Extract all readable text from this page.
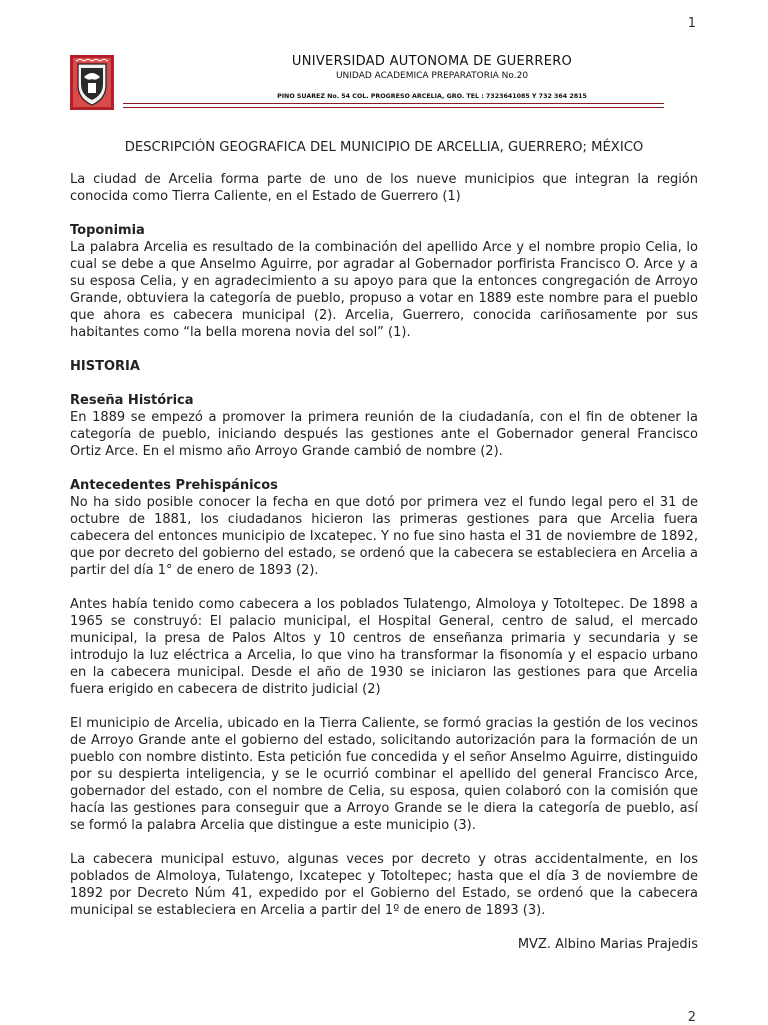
1
UNIVERSIDAD AUTONOMA DE GUERRERO
UNIDAD ACADEMICA PREPARATORIA No.20
PINO SUAREZ No. 54 COL. PROGRESO ARCELIA, GRO. TEL : 7323641085 Y 732 364 2815
DESCRIPCIÓN GEOGRAFICA DEL MUNICIPIO DE ARCELLIA, GUERRERO; MÉXICO

La ciudad de Arcelia forma parte de uno de los nueve municipios que integran la región conocida como Tierra Caliente, en el Estado de Guerrero (1)

Toponimia

La palabra Arcelia es resultado de la combinación del apellido Arce y el nombre propio Celia, lo cual se debe a que Anselmo Aguirre, por agradar al Gobernador porfirista Francisco O. Arce y a su esposa Celia, y en agradecimiento a su apoyo para que la entonces congregación de Arroyo Grande, obtuviera la categoría de pueblo, propuso a votar en 1889 este nombre para el pueblo que ahora es cabecera municipal (2). Arcelia, Guerrero, conocida cariñosamente por sus habitantes como “la bella morena novia del sol” (1).

HISTORIA
Reseña Histórica

En 1889 se empezó a promover la primera reunión de la ciudadanía, con el fin de obtener la categoría de pueblo, iniciando después las gestiones ante el Gobernador general Francisco Ortiz Arce. En el mismo año Arroyo Grande cambió de nombre (2).

Antecedentes Prehispánicos

No ha sido posible conocer la fecha en que dotó por primera vez el fundo legal pero el 31 de octubre de 1881, los ciudadanos hicieron las primeras gestiones para que Arcelia fuera cabecera del entonces municipio de Ixcatepec. Y no fue sino hasta el 31 de noviembre de 1892, que por decreto del gobierno del estado, se ordenó que la cabecera se estableciera en Arcelia a partir del día 1° de enero de 1893 (2).

Antes había tenido como cabecera a los poblados Tulatengo, Almoloya y Totoltepec. De 1898 a 1965 se construyó: El palacio municipal, el Hospital General, centro de salud, el mercado municipal, la presa de Palos Altos y 10 centros de enseñanza primaria y secundaria y se introdujo la luz eléctrica a Arcelia, lo que vino ha transformar la fisonomía y el espacio urbano en la cabecera municipal. Desde el año de 1930 se iniciaron las gestiones para que Arcelia fuera erigido en cabecera de distrito judicial (2)

El municipio de Arcelia, ubicado en la Tierra Caliente, se formó gracias la gestión de los vecinos de Arroyo Grande ante el gobierno del estado, solicitando autorización para la formación de un pueblo con nombre distinto. Esta petición fue concedida y el señor Anselmo Aguirre, distinguido por su despierta inteligencia, y se le ocurrió combinar el apellido del general Francisco Arce, gobernador del estado, con el nombre de Celia, su esposa, quien colaboró con la comisión que hacía las gestiones para conseguir que a Arroyo Grande se le diera la categoría de pueblo, así se formó la palabra Arcelia que distingue a este municipio (3).

La cabecera municipal estuvo, algunas veces por decreto y otras accidentalmente, en los poblados de Almoloya, Tulatengo, Ixcatepec y Totoltepec; hasta que el día 3 de noviembre de 1892 por Decreto Núm 41, expedido por el Gobierno del Estado, se ordenó que la cabecera municipal se estableciera en Arcelia a partir del 1º de enero de 1893 (3).

MVZ. Albino Marias Prajedis
2
